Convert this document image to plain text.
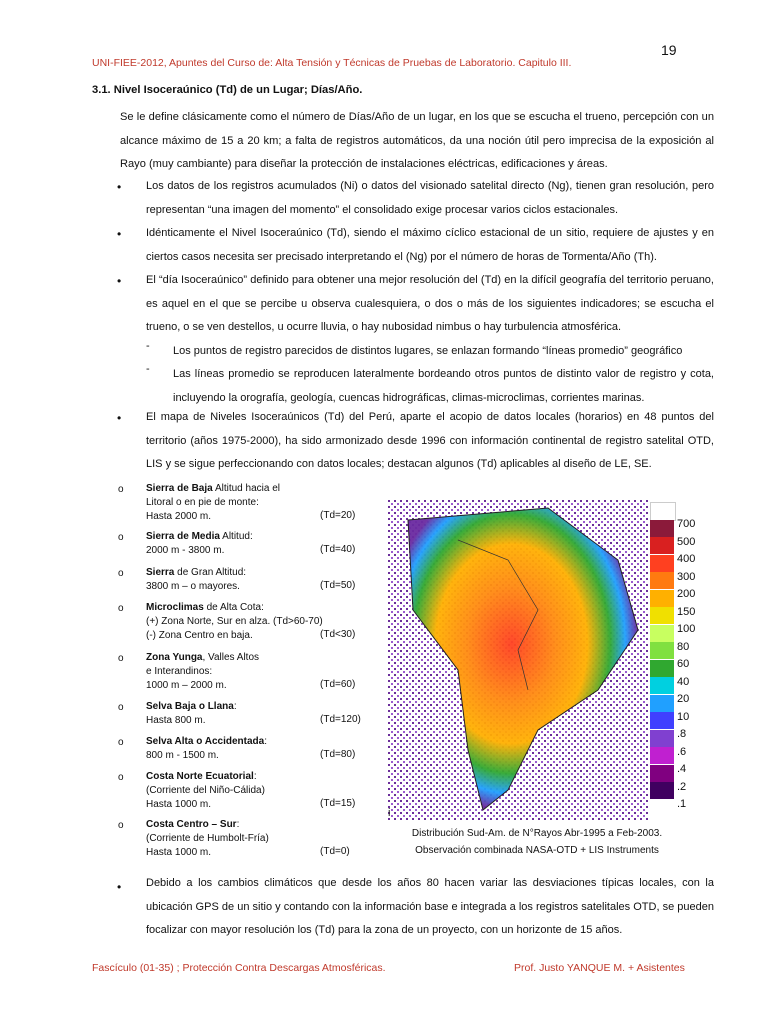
19
UNI-FIEE-2012, Apuntes del Curso de: Alta Tensión y Técnicas de Pruebas de Laboratorio. Capitulo III.
3.1. Nivel Isoceraúnico (Td) de un Lugar; Días/Año.
Se le define clásicamente como el número de Días/Año de un lugar, en los que se escucha el trueno, percepción con un alcance máximo de 15 a 20 km; a falta de registros automáticos, da una noción útil pero imprecisa de la exposición al Rayo (muy cambiante) para diseñar la protección de instalaciones eléctricas, edificaciones y áreas.
• Los datos de los registros acumulados (Ni) o datos del visionado satelital directo (Ng), tienen gran resolución, pero representan “una imagen del momento” el consolidado exige procesar varios ciclos estacionales.
• Idénticamente el Nivel Isoceraúnico (Td), siendo el máximo cíclico estacional de un sitio, requiere de ajustes y en ciertos casos necesita ser precisado interpretando el (Ng) por el número de horas de Tormenta/Año (Th).
• El “día Isoceraúnico” definido para obtener una mejor resolución del (Td) en la difícil geografía del territorio peruano, es aquel en el que se percibe u observa cualesquiera, o dos o más de los siguientes indicadores; se escucha el trueno, o se ven destellos, u ocurre lluvia, o hay nubosidad nimbus o hay turbulencia atmosférica.
- Los puntos de registro parecidos de distintos lugares, se enlazan formando “líneas promedio” geográfico
- Las líneas promedio se reproducen lateralmente bordeando otros puntos de distinto valor de registro y cota, incluyendo la orografía, geología, cuencas hidrográficas, climas-microclimas, corrientes marinas.
• El mapa de Niveles Isoceraúnicos (Td) del Perú, aparte el acopio de datos locales (horarios) en 48 puntos del territorio (años 1975-2000), ha sido armonizado desde 1996 con información continental de registro satelital OTD, LIS y se sigue perfeccionando con datos locales; destacan algunos (Td) aplicables al diseño de LE, SE.
o Sierra de Baja Altitud hacia el
Litoral o en pie de monte:
Hasta 2000 m.	(Td=20)
o Sierra de Media Altitud:
2000 m - 3800 m.	(Td=40)
o Sierra de Gran Altitud:
3800 m – o mayores.	(Td=50)
o Microclimas de Alta Cota:
(+) Zona Norte, Sur en alza. (Td>60-70)
(-) Zona Centro en baja.	(Td<30)
o Zona Yunga, Valles Altos
e Interandinos:
1000 m – 2000 m.	(Td=60)
o Selva Baja o Llana:
Hasta 800 m.	(Td=120)
o Selva Alta o Accidentada:
800 m - 1500 m.	(Td=80)
o Costa Norte Ecuatorial:
(Corriente del Niño-Cálida)
Hasta 1000 m.	(Td=15)
o Costa Centro – Sur:
(Corriente de Humbolt-Fría)
Hasta 1000 m.	(Td=0)
i
700
500
400
300
200
150
100
80
60
40
20
10
.8
.6
.4
.2
.1
Distribución Sud-Am. de N°Rayos Abr-1995 a Feb-2003.
Observación combinada NASA-OTD + LIS Instruments
• Debido a los cambios climáticos que desde los años 80 hacen variar las desviaciones típicas locales, con la ubicación GPS de un sitio y contando con la información base e integrada a los registros satelitales OTD, se pueden focalizar con mayor resolución los (Td) para la zona de un proyecto, con un horizonte de 15 años.
Fascículo (01-35) ; Protección Contra Descargas Atmosféricas.	Prof. Justo YANQUE M. + Asistentes
